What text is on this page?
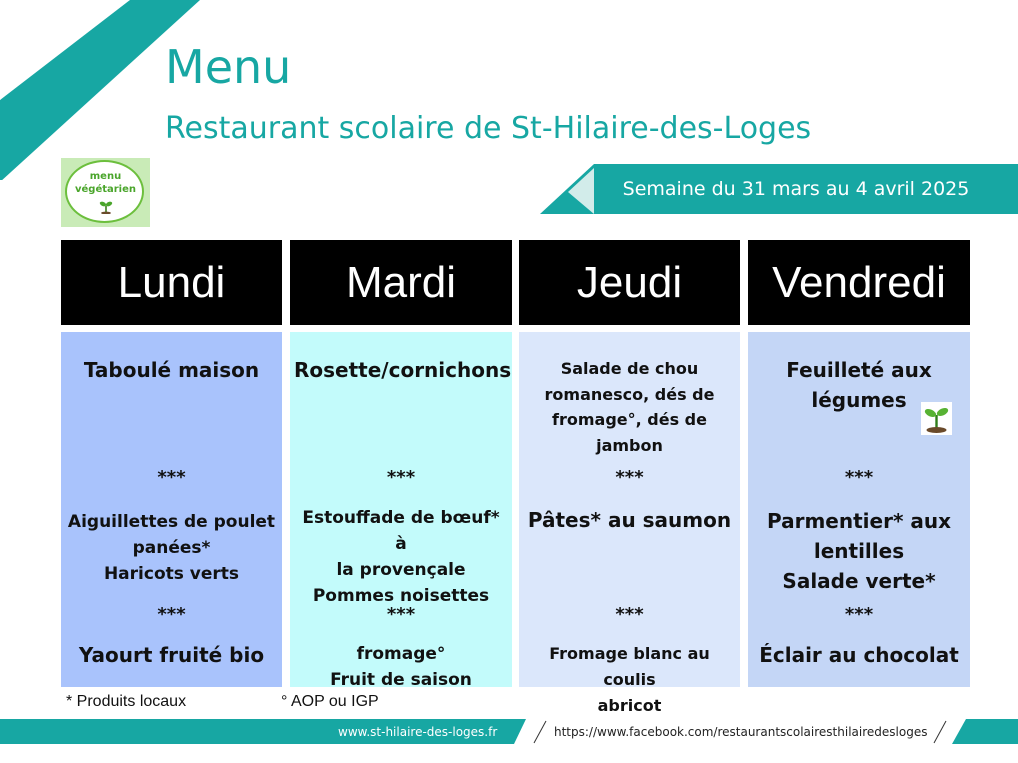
Menu
Restaurant scolaire de St-Hilaire-des-Loges
menu
végétarien	Semaine du 31 mars au 4 avril 2025
Lundi
Taboulé maison
***
Aiguillettes de poulet
panées*
Haricots verts
***
Yaourt fruité bio
Mardi
Rosette/cornichons
***
Estouffade de bœuf* à
la provençale
Pommes noisettes
***
fromage°
Fruit de saison
Jeudi
Salade de chou
romanesco, dés de
fromage°, dés de
jambon
***
Pâtes* au saumon
***
Fromage blanc au coulis
abricot
Vendredi
Feuilleté aux
légumes
***
Parmentier* aux
lentilles
Salade verte*
***
Éclair au chocolat
* Produits locaux	° AOP ou IGP
www.st-hilaire-des-loges.fr	https://www.facebook.com/restaurantscolairesthilairedesloges
